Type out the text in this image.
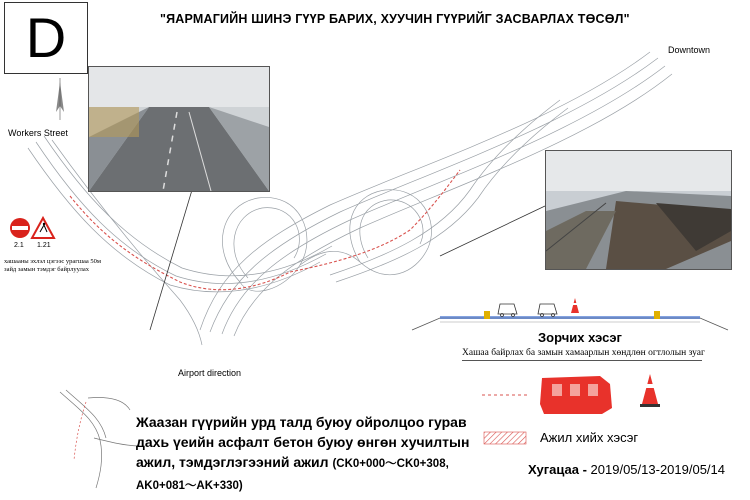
D	"ЯАРМАГИЙН ШИНЭ ГҮҮР БАРИХ, ХУУЧИН ГҮҮРИЙГ ЗАСВАРЛАХ ТӨСӨЛ"
Downtown
Workers Street
Airport direction
2.1 1.21
хашааны эхлэл цэгээс урагшаа 50м зайд замын тэмдэг байрлуулах
Зорчих хэсэг
Хашаа байрлах ба замын хамаарлын хөндлөн огтлолын зуаг
Ажил хийх хэсэг
Жаазан гүүрийн урд талд буюу ойролцоо гурав дахь үеийн асфалт бетон буюу өнгөн хучилтын ажил, тэмдэглэгээний ажил (CK0+000～CK0+308, AK0+081～AK+330)
Хугацаа - 2019/05/13-2019/05/14
